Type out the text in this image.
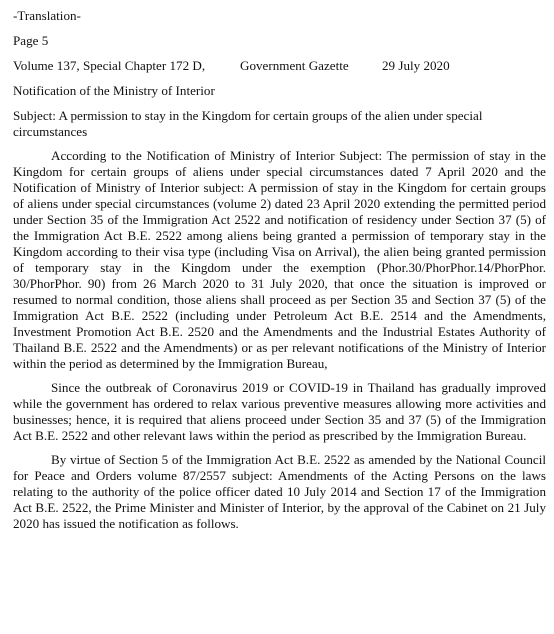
-Translation-

Page 5

Volume 137, Special Chapter 172 D,	Government Gazette	29 July 2020

Notification of the Ministry of Interior

Subject: A permission to stay in the Kingdom for certain groups of the alien under special circumstances

According to the Notification of Ministry of Interior Subject: The permission of stay in the Kingdom for certain groups of aliens under special circumstances dated 7 April 2020 and the Notification of Ministry of Interior subject: A permission of stay in the Kingdom for certain groups of aliens under special circumstances (volume 2) dated 23 April 2020 extending the permitted period under Section 35 of the Immigration Act 2522 and notification of residency under Section 37 (5) of the Immigration Act B.E. 2522 among aliens being granted a permission of temporary stay in the Kingdom according to their visa type (including Visa on Arrival), the alien being granted permission of temporary stay in the Kingdom under the exemption (Phor.30/PhorPhor.14/PhorPhor. 30/PhorPhor. 90) from 26 March 2020 to 31 July 2020, that once the situation is improved or resumed to normal condition, those aliens shall proceed as per Section 35 and Section 37 (5) of the Immigration Act B.E. 2522 (including under Petroleum Act B.E. 2514 and the Amendments, Investment Promotion Act B.E. 2520 and the Amendments and the Industrial Estates Authority of Thailand B.E. 2522 and the Amendments) or as per relevant notifications of the Ministry of Interior within the period as determined by the Immigration Bureau,

Since the outbreak of Coronavirus 2019 or COVID-19 in Thailand has gradually improved while the government has ordered to relax various preventive measures allowing more activities and businesses; hence, it is required that aliens proceed under Section 35 and 37 (5) of the Immigration Act B.E. 2522 and other relevant laws within the period as prescribed by the Immigration Bureau.

By virtue of Section 5 of the Immigration Act B.E. 2522 as amended by the National Council for Peace and Orders volume 87/2557 subject: Amendments of the Acting Persons on the laws relating to the authority of the police officer dated 10 July 2014 and Section 17 of the Immigration Act B.E. 2522, the Prime Minister and Minister of Interior, by the approval of the Cabinet on 21 July 2020 has issued the notification as follows.
